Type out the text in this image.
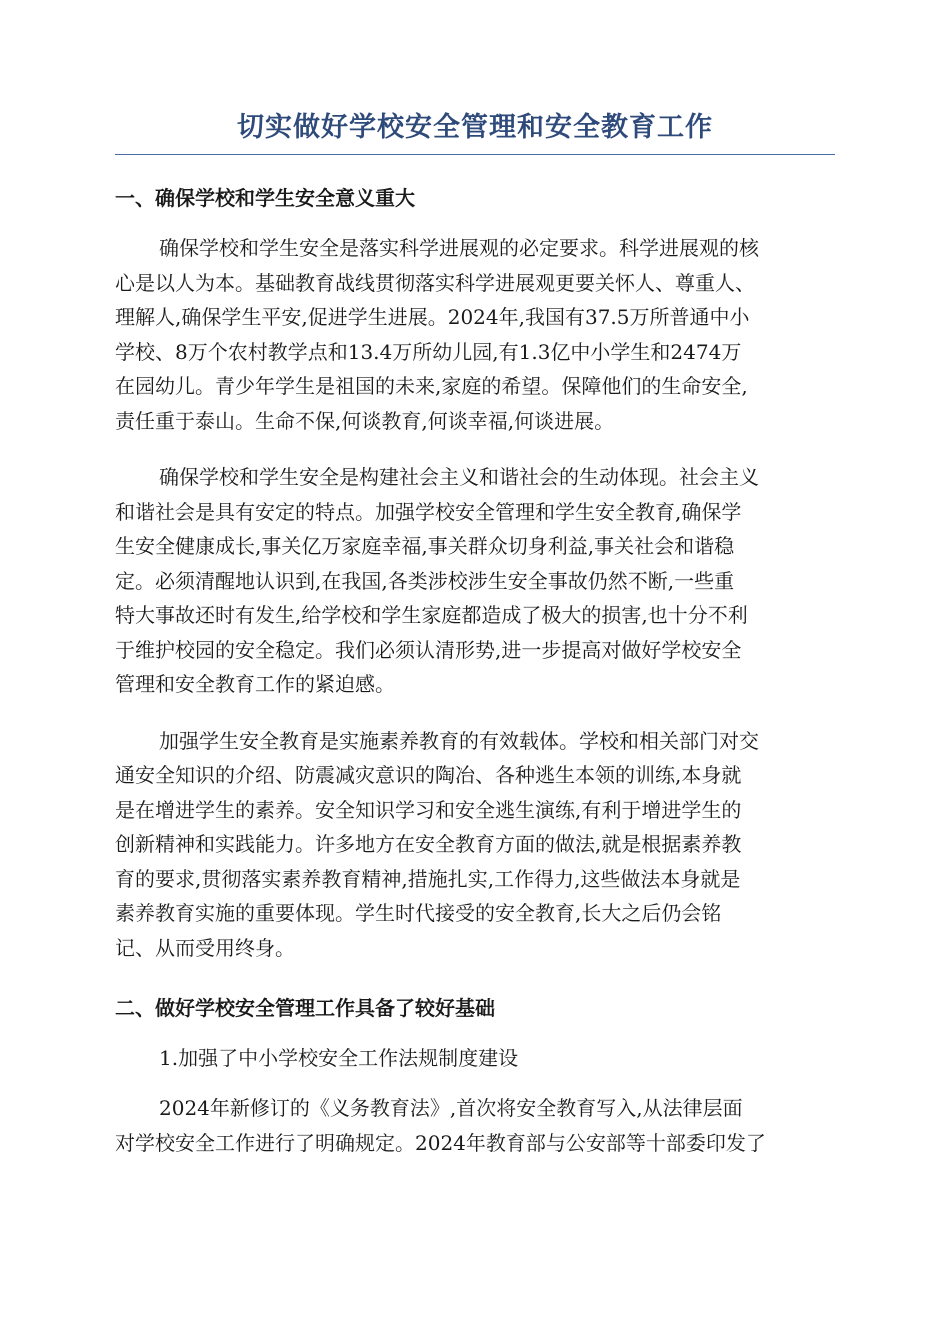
切实做好学校安全管理和安全教育工作
一、确保学校和学生安全意义重大
确保学校和学生安全是落实科学进展观的必定要求。科学进展观的核
心是以人为本。基础教育战线贯彻落实科学进展观更要关怀人、尊重人、
理解人,确保学生平安,促进学生进展。2024年,我国有37.5万所普通中小
学校、8万个农村教学点和13.4万所幼儿园,有1.3亿中小学生和2474万
在园幼儿。青少年学生是祖国的未来,家庭的希望。保障他们的生命安全,
责任重于泰山。生命不保,何谈教育,何谈幸福,何谈进展。
确保学校和学生安全是构建社会主义和谐社会的生动体现。社会主义
和谐社会是具有安定的特点。加强学校安全管理和学生安全教育,确保学
生安全健康成长,事关亿万家庭幸福,事关群众切身利益,事关社会和谐稳
定。必须清醒地认识到,在我国,各类涉校涉生安全事故仍然不断,一些重
特大事故还时有发生,给学校和学生家庭都造成了极大的损害,也十分不利
于维护校园的安全稳定。我们必须认清形势,进一步提高对做好学校安全
管理和安全教育工作的紧迫感。
加强学生安全教育是实施素养教育的有效载体。学校和相关部门对交
通安全知识的介绍、防震减灾意识的陶冶、各种逃生本领的训练,本身就
是在增进学生的素养。安全知识学习和安全逃生演练,有利于增进学生的
创新精神和实践能力。许多地方在安全教育方面的做法,就是根据素养教
育的要求,贯彻落实素养教育精神,措施扎实,工作得力,这些做法本身就是
素养教育实施的重要体现。学生时代接受的安全教育,长大之后仍会铭
记、从而受用终身。
二、做好学校安全管理工作具备了较好基础
1.加强了中小学校安全工作法规制度建设
2024年新修订的《义务教育法》,首次将安全教育写入,从法律层面
对学校安全工作进行了明确规定。2024年教育部与公安部等十部委印发了
